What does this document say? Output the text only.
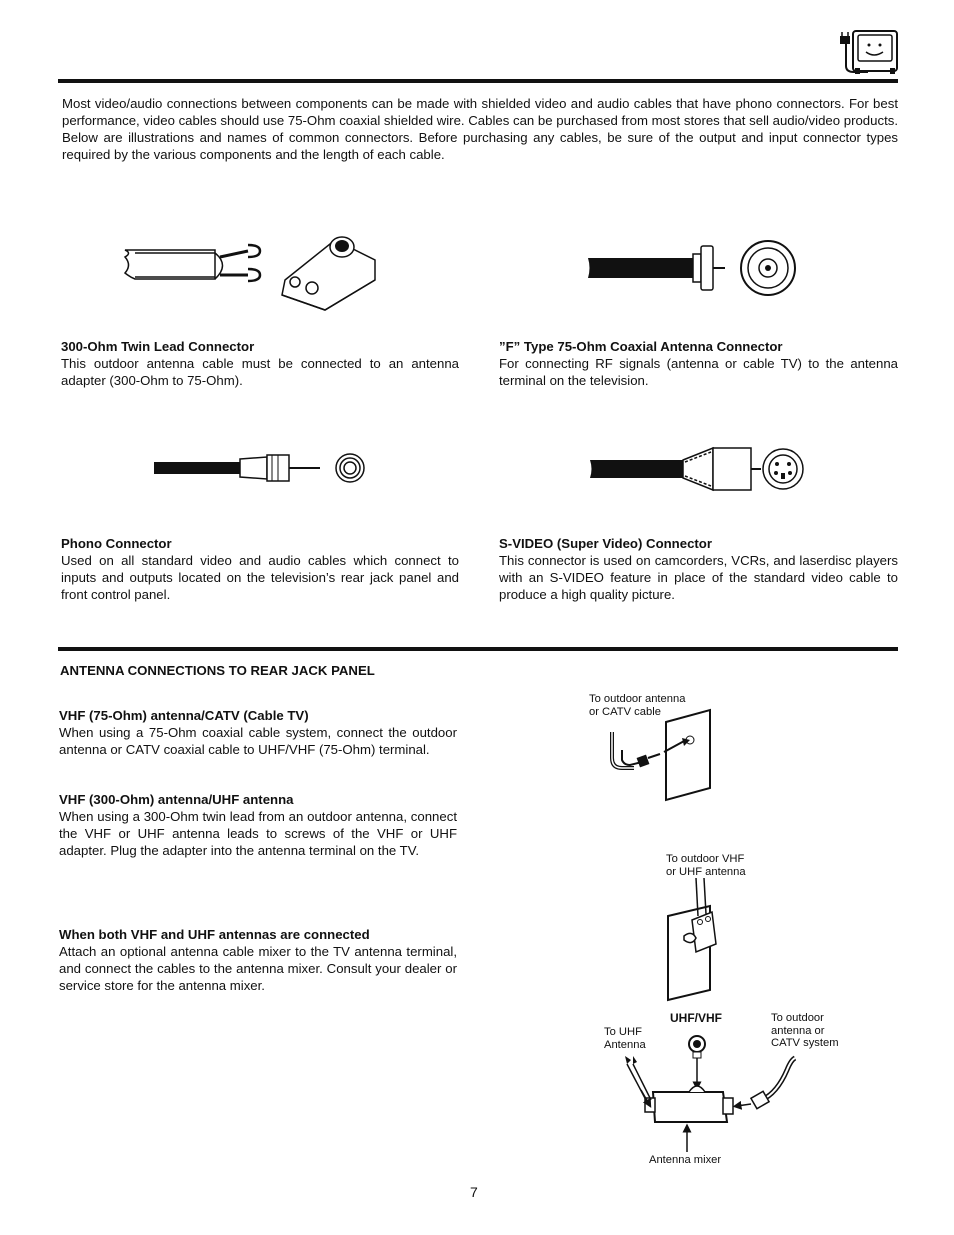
Most video/audio connections between components can be made with shielded video and audio cables that have phono connectors. For best performance, video cables should use 75-Ohm coaxial shielded wire. Cables can be purchased from most stores that sell audio/video products. Below are illustrations and names of common connectors. Before purchasing any cables, be sure of the output and input connector types required by the various components and the length of each cable.

300-Ohm Twin Lead Connector
This outdoor antenna cable must be connected to an antenna adapter (300-Ohm to 75-Ohm).
”F” Type 75-Ohm Coaxial Antenna Connector
For connecting RF signals (antenna or cable TV) to the antenna terminal on the television.
Phono Connector
Used on all standard video and audio cables which connect to inputs and outputs located on the television’s rear jack panel and front control panel.
S-VIDEO (Super Video) Connector
This connector is used on camcorders, VCRs, and laserdisc players with an S-VIDEO feature in place of the standard video cable to produce a high quality picture.
ANTENNA CONNECTIONS TO REAR JACK PANEL
VHF (75-Ohm) antenna/CATV (Cable TV)
When using a 75-Ohm coaxial cable system, connect the outdoor antenna or CATV coaxial cable to UHF/VHF (75-Ohm) terminal.
VHF (300-Ohm) antenna/UHF antenna
When using a 300-Ohm twin lead from an outdoor antenna, connect the VHF or UHF antenna leads to screws of the VHF or UHF adapter. Plug the adapter into the antenna terminal on the TV.
When both VHF and UHF antennas are connected
Attach an optional antenna cable mixer to the TV antenna terminal, and connect the cables to the antenna mixer. Consult your dealer or service store for the antenna mixer.
To outdoor antenna
or CATV cable
To outdoor VHF
or UHF antenna
UHF/VHF
To UHF
Antenna
To outdoor
antenna or
CATV system
Antenna mixer
7
